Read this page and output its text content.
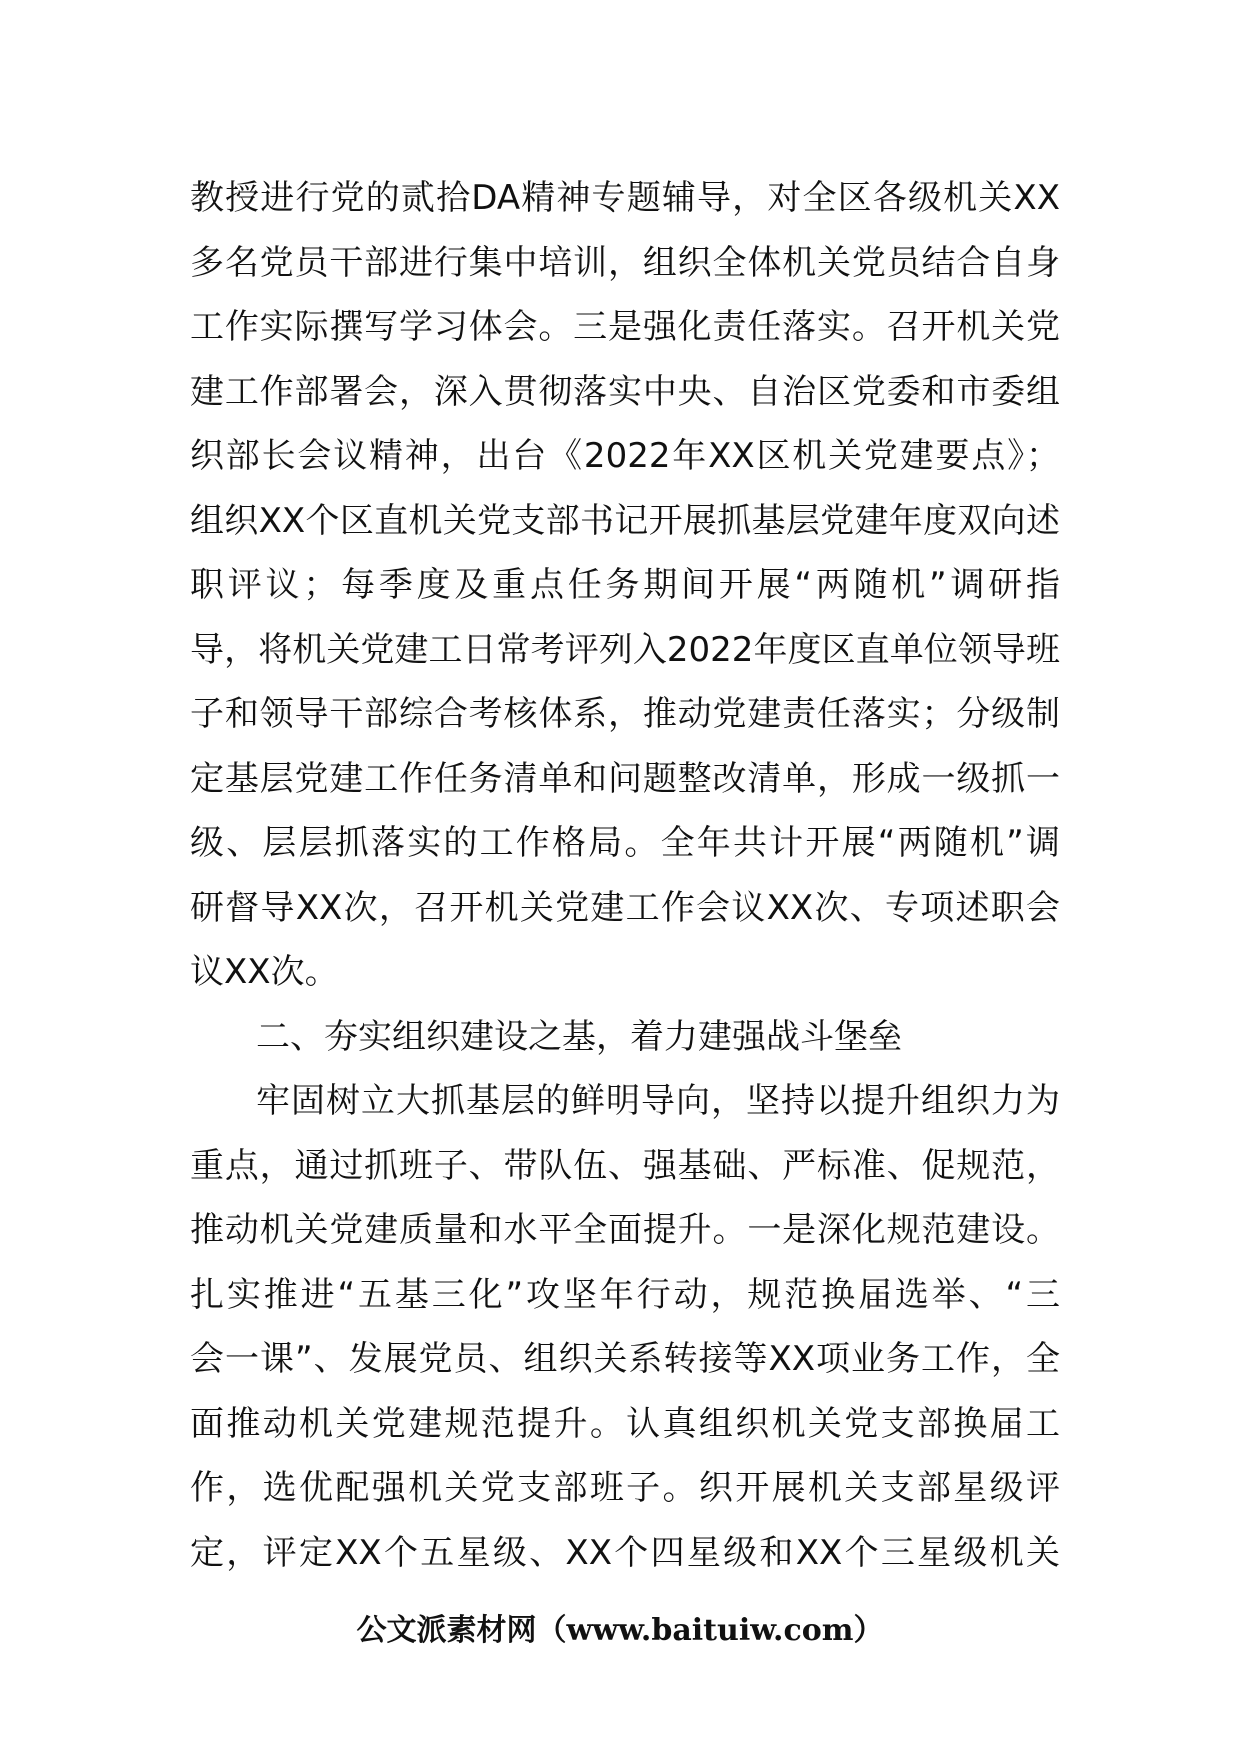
教授进行党的贰拾DA精神专题辅导，对全区各级机关XX
多名党员干部进行集中培训，组织全体机关党员结合自身
工作实际撰写学习体会。三是强化责任落实。召开机关党
建工作部署会，深入贯彻落实中央、自治区党委和市委组
织部长会议精神，出台《2022年XX区机关党建要点》；
组织XX个区直机关党支部书记开展抓基层党建年度双向述
职评议；每季度及重点任务期间开展“两随机”调研指
导，将机关党建工日常考评列入2022年度区直单位领导班
子和领导干部综合考核体系，推动党建责任落实；分级制
定基层党建工作任务清单和问题整改清单，形成一级抓一
级、层层抓落实的工作格局。全年共计开展“两随机”调
研督导XX次，召开机关党建工作会议XX次、专项述职会
议XX次。
二、夯实组织建设之基，着力建强战斗堡垒
牢固树立大抓基层的鲜明导向，坚持以提升组织力为
重点，通过抓班子、带队伍、强基础、严标准、促规范，
推动机关党建质量和水平全面提升。一是深化规范建设。
扎实推进“五基三化”攻坚年行动，规范换届选举、“三
会一课”、发展党员、组织关系转接等XX项业务工作，全
面推动机关党建规范提升。认真组织机关党支部换届工
作，选优配强机关党支部班子。织开展机关支部星级评
定，评定XX个五星级、XX个四星级和XX个三星级机关
公文派素材网（www.baituiw.com）
